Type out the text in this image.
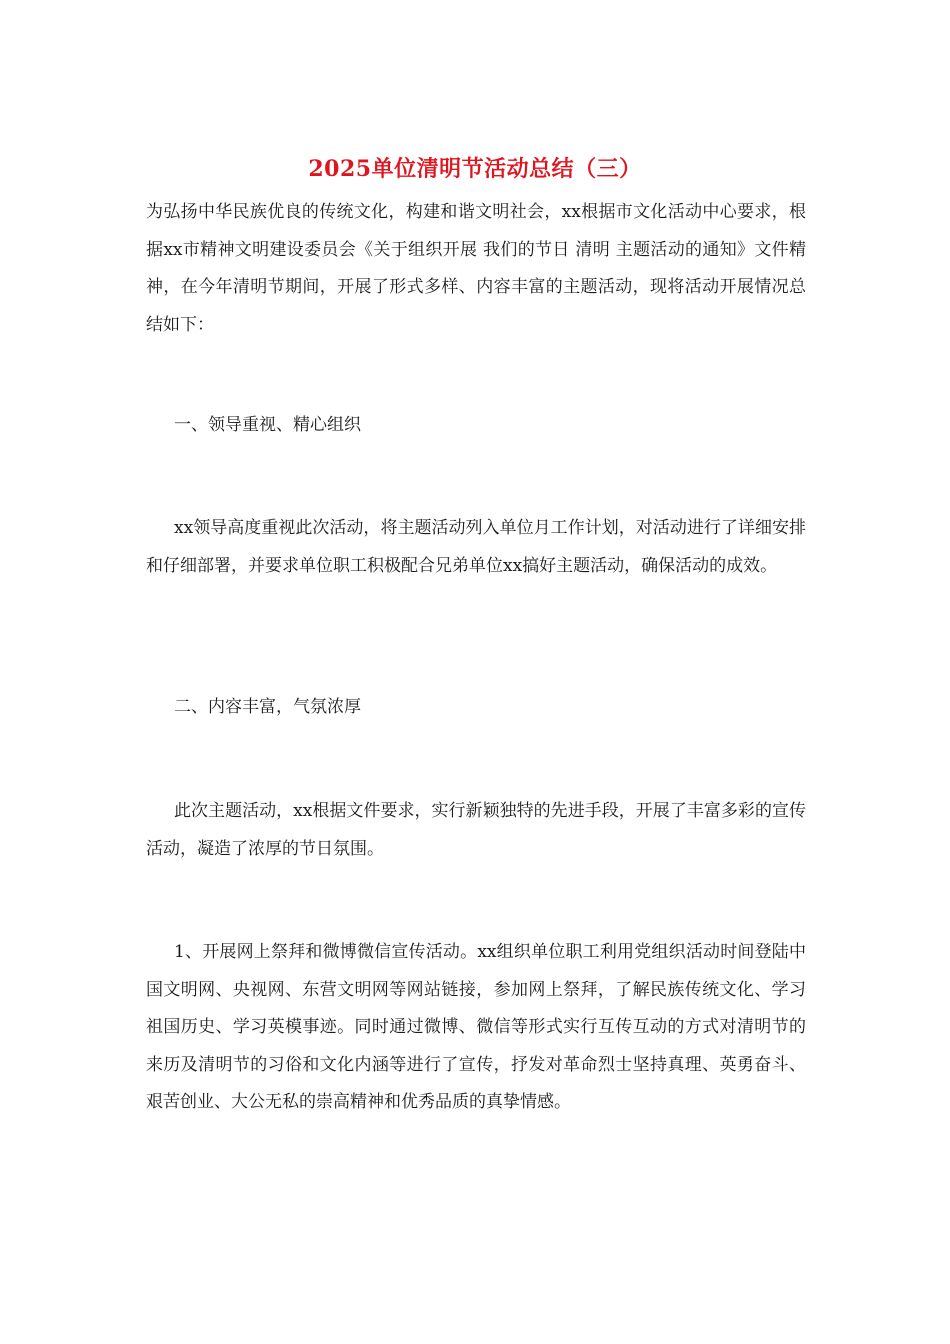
2025单位清明节活动总结（三）
为弘扬中华民族优良的传统文化，构建和谐文明社会，xx根据市文化活动中心要求，根据xx市精神文明建设委员会《关于组织开展 我们的节日 清明 主题活动的通知》文件精神，在今年清明节期间，开展了形式多样、内容丰富的主题活动，现将活动开展情况总结如下：
一、领导重视、精心组织
xx领导高度重视此次活动，将主题活动列入单位月工作计划，对活动进行了详细安排和仔细部署，并要求单位职工积极配合兄弟单位xx搞好主题活动，确保活动的成效。
二、内容丰富，气氛浓厚
此次主题活动，xx根据文件要求，实行新颖独特的先进手段，开展了丰富多彩的宣传活动，凝造了浓厚的节日氛围。
1、开展网上祭拜和微博微信宣传活动。xx组织单位职工利用党组织活动时间登陆中国文明网、央视网、东营文明网等网站链接，参加网上祭拜，了解民族传统文化、学习祖国历史、学习英模事迹。同时通过微博、微信等形式实行互传互动的方式对清明节的来历及清明节的习俗和文化内涵等进行了宣传，抒发对革命烈士坚持真理、英勇奋斗、艰苦创业、大公无私的崇高精神和优秀品质的真挚情感。
